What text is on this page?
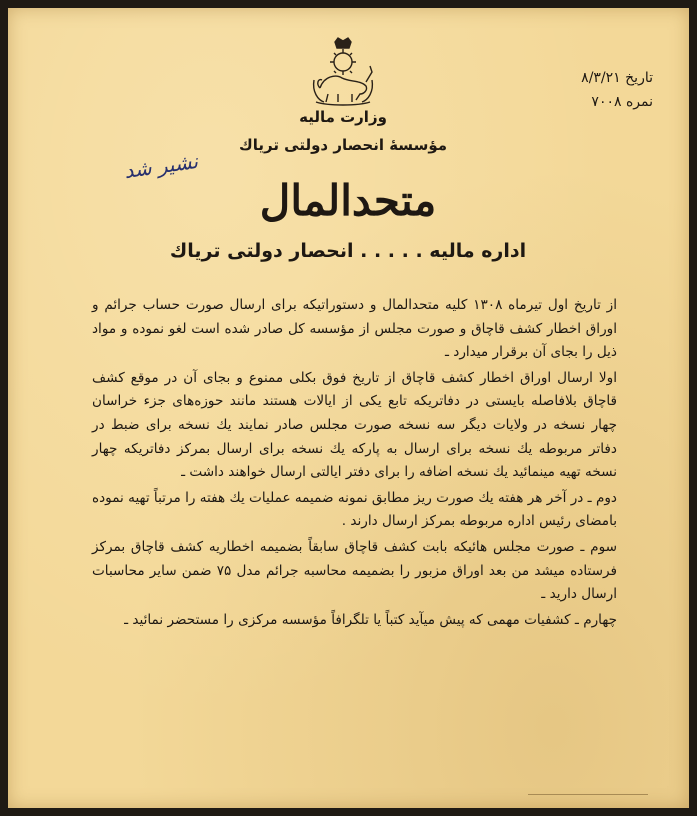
وزارت مالیه
تاریخ ۸/۳/۲۱
نمره ۷۰۰۸
مؤسسهٔ انحصار دولتی تریاك
نشیر شد
متحدالمال
اداره مالیه . . . . . انحصار دولتی تریاك

از تاریخ اول تیرماه ۱۳۰۸ کلیه متحدالمال و دستوراتیکه برای ارسال صورت حساب جرائم و اوراق اخطار کشف قاچاق و صورت مجلس از مؤسسه کل صادر شده است لغو نموده و مواد ذیل را بجای آن برقرار میدارد ـ

اولا ارسال اوراق اخطار کشف قاچاق از تاریخ فوق بکلی ممنوع و بجای آن در موقع کشف قاچاق بلافاصله بایستی در دفاتریکه تابع یکی از ایالات هستند مانند حوزه‌های جزء خراسان چهار نسخه در ولایات دیگر سه نسخه صورت مجلس صادر نمایند یك نسخه برای ضبط در دفاتر مربوطه یك نسخه برای ارسال به پارکه یك نسخه برای ارسال بمرکز دفاتریکه چهار نسخه تهیه مینمائید یك نسخه اضافه را برای دفتر ایالتی ارسال خواهند داشت ـ

دوم ـ در آخر هر هفته یك صورت ریز مطابق نمونه ضمیمه عملیات یك هفته را مرتباً تهیه نموده بامضای رئیس اداره مربوطه بمرکز ارسال دارند .

سوم ـ صورت مجلس هائیکه بابت کشف قاچاق سابقاً بضمیمه اخطاریه کشف قاچاق بمرکز فرستاده میشد من بعد اوراق مزبور را بضمیمه محاسبه جرائم مدل ۷۵ ضمن سایر محاسبات ارسال دارید ـ

چهارم ـ کشفیات مهمی که پیش میآید کتباً یا تلگرافاً مؤسسه مرکزی را مستحضر نمائید ـ
